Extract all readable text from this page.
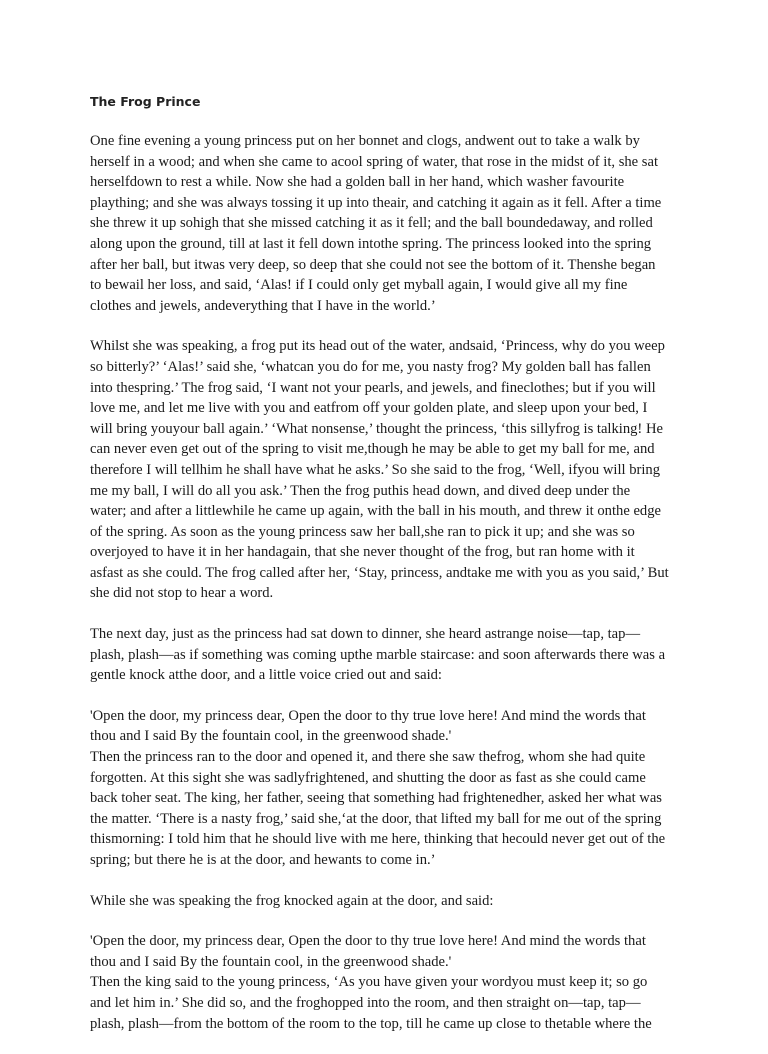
The Frog Prince

One fine evening a young princess put on her bonnet and clogs, andwent out to take a walk by herself in a wood; and when she came to acool spring of water, that rose in the midst of it, she sat herselfdown to rest a while. Now she had a golden ball in her hand, which washer favourite plaything; and she was always tossing it up into theair, and catching it again as it fell. After a time she threw it up sohigh that she missed catching it as it fell; and the ball boundedaway, and rolled along upon the ground, till at last it fell down intothe spring. The princess looked into the spring after her ball, but itwas very deep, so deep that she could not see the bottom of it. Thenshe began to bewail her loss, and said, ‘Alas! if I could only get myball again, I would give all my fine clothes and jewels, andeverything that I have in the world.’

Whilst she was speaking, a frog put its head out of the water, andsaid, ‘Princess, why do you weep so bitterly?’ ‘Alas!’ said she, ‘whatcan you do for me, you nasty frog? My golden ball has fallen into thespring.’ The frog said, ‘I want not your pearls, and jewels, and fineclothes; but if you will love me, and let me live with you and eatfrom off your golden plate, and sleep upon your bed, I will bring youyour ball again.’ ‘What nonsense,’ thought the princess, ‘this sillyfrog is talking! He can never even get out of the spring to visit me,though he may be able to get my ball for me, and therefore I will tellhim he shall have what he asks.’ So she said to the frog, ‘Well, ifyou will bring me my ball, I will do all you ask.’ Then the frog puthis head down, and dived deep under the water; and after a littlewhile he came up again, with the ball in his mouth, and threw it onthe edge of the spring. As soon as the young princess saw her ball,she ran to pick it up; and she was so overjoyed to have it in her handagain, that she never thought of the frog, but ran home with it asfast as she could. The frog called after her, ‘Stay, princess, andtake me with you as you said,’ But she did not stop to hear a word.

The next day, just as the princess had sat down to dinner, she heard astrange noise—tap, tap—plash, plash—as if something was coming upthe marble staircase: and soon afterwards there was a gentle knock atthe door, and a little voice cried out and said:

'Open the door, my princess dear, Open the door to thy true love here! And mind the words that thou and I said By the fountain cool, in the greenwood shade.'

Then the princess ran to the door and opened it, and there she saw thefrog, whom she had quite forgotten. At this sight she was sadlyfrightened, and shutting the door as fast as she could came back toher seat. The king, her father, seeing that something had frightenedher, asked her what was the matter. ‘There is a nasty frog,’ said she,‘at the door, that lifted my ball for me out of the spring thismorning: I told him that he should live with me here, thinking that hecould never get out of the spring; but there he is at the door, and hewants to come in.’

While she was speaking the frog knocked again at the door, and said:

'Open the door, my princess dear, Open the door to thy true love here! And mind the words that thou and I said By the fountain cool, in the greenwood shade.'

Then the king said to the young princess, ‘As you have given your wordyou must keep it; so go and let him in.’ She did so, and the froghopped into the room, and then straight on—tap, tap—plash, plash—from the bottom of the room to the top, till he came up close to thetable where the
